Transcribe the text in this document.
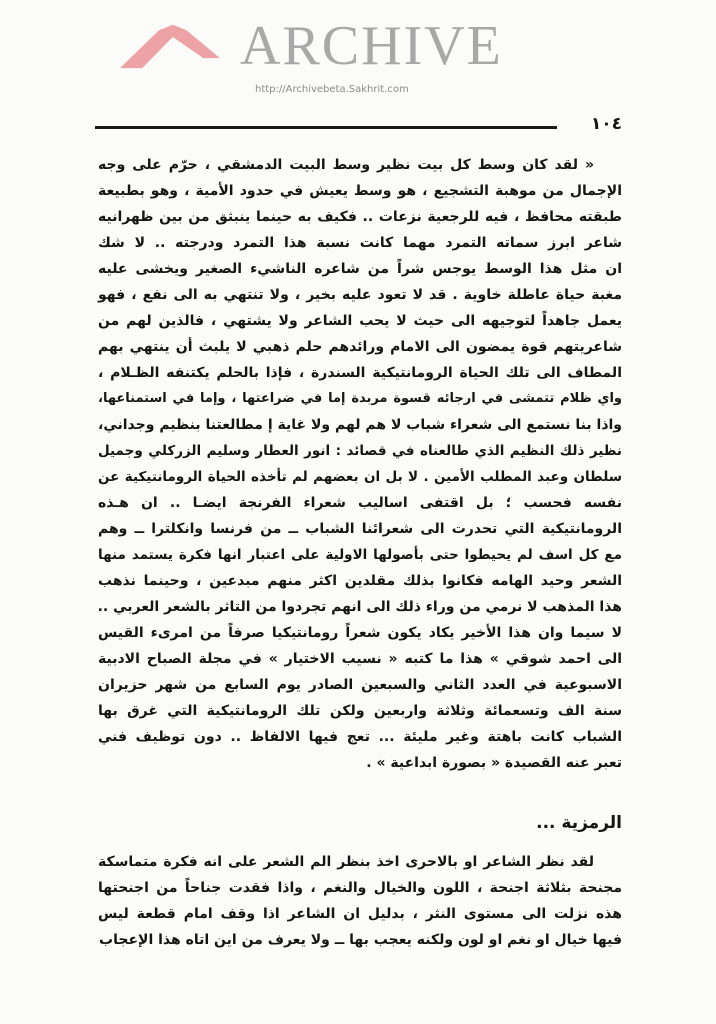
ARCHIVE
http://Archivebeta.Sakhrit.com
١٠٤
« لقد كان وسط كل بيت نظير وسط البيت الدمشقي ، حرّم على وجه
الإجمال من موهبة التشجيع ، هو وسط يعيش في حدود الأمية ، وهو بطبيعة
طبقته محافظ ، فيه للرجعية نزعات .. فكيف به حينما ينبثق من بين ظهرانيه
شاعر ابرز سماته التمرد مهما كانت نسبة هذا التمرد ودرجته .. لا شك
ان مثل هذا الوسط يوجس شراً من شاعره الناشيء الصغير ويخشى عليه
مغبة حياة عاطلة خاوية . قد لا تعود عليه بخير ، ولا تنتهي به الى نفع ، فهو
يعمل جاهداً لتوجيهه الى حيث لا يحب الشاعر ولا يشتهي ، فالذين لهم من
شاعريتهم قوة يمضون الى الامام ورائدهم حلم ذهبي لا يلبث أن ينتهي بهم
المطاف الى تلك الحياة الرومانتيكية السندرة ، فإذا بالحلم يكتنفه الظـلام ،
واي ظلام تتمشى في ارجائه قسوة مربدة إما في ضراعتها ، وإما في استمناعها،
واذا بنا نستمع الى شعراء شباب لا هم لهم ولا غاية إ مطالعتنا بنظيم وجداني،
نظير ذلك النظيم الذي طالعناه في قصائد : انور العطار وسليم الزركلي وجميل
سلطان وعبد المطلب الأمين . لا بل ان بعضهم لم تأخذه الحياة الرومانتيكية عن
نفسه فحسب ؛ بل اقتفى اساليب شعراء الفرنجة ايضـا .. ان هـذه
الرومانتيكية التي تحدرت الى شعرائنا الشباب ــ من فرنسا وانكلترا ــ وهم
مع كل اسف لم يحيطوا حتى بأصولها الاولية على اعتبار انها فكرة يستمد منها
الشعر وحيد الهامه فكانوا بذلك مقلدين اكثر منهم مبدعين ، وحينما نذهب
هذا المذهب لا نرمي من وراء ذلك الى انهم تجردوا من التاثر بالشعر العربي ..
لا سيما وان هذا الأخير يكاد يكون شعراً رومانتيكيا صرفاً من امرىء القيس
الى احمد شوقي » هذا ما كتبه « نسيب الاختيار » في مجلة الصباح الادبية
الاسبوعية في العدد الثاني والسبعين الصادر يوم السابع من شهر حزيران
سنة الف وتسعمائة وثلاثة واربعين ولكن تلك الرومانتيكية التي غرق بها
الشباب كانت باهتة وغير مليئة ... تعج فيها الالفاظ .. دون توظيف فني
تعبر عنه القصيدة « بصورة ابداعية » .
الرمزية ...
لقد نظر الشاعر او بالاحرى اخذ بنظر الم الشعر على انه فكرة متماسكة
مجنحة بثلاثة اجنحة ، اللون والخيال والنغم ، واذا فقدت جناحاً من اجنحتها
هذه نزلت الى مستوى النثر ، بدليل ان الشاعر اذا وقف امام قطعة ليس
فيها خيال او نغم او لون ولكنه يعجب بها ــ ولا يعرف من اين اتاه هذا الإعجاب
